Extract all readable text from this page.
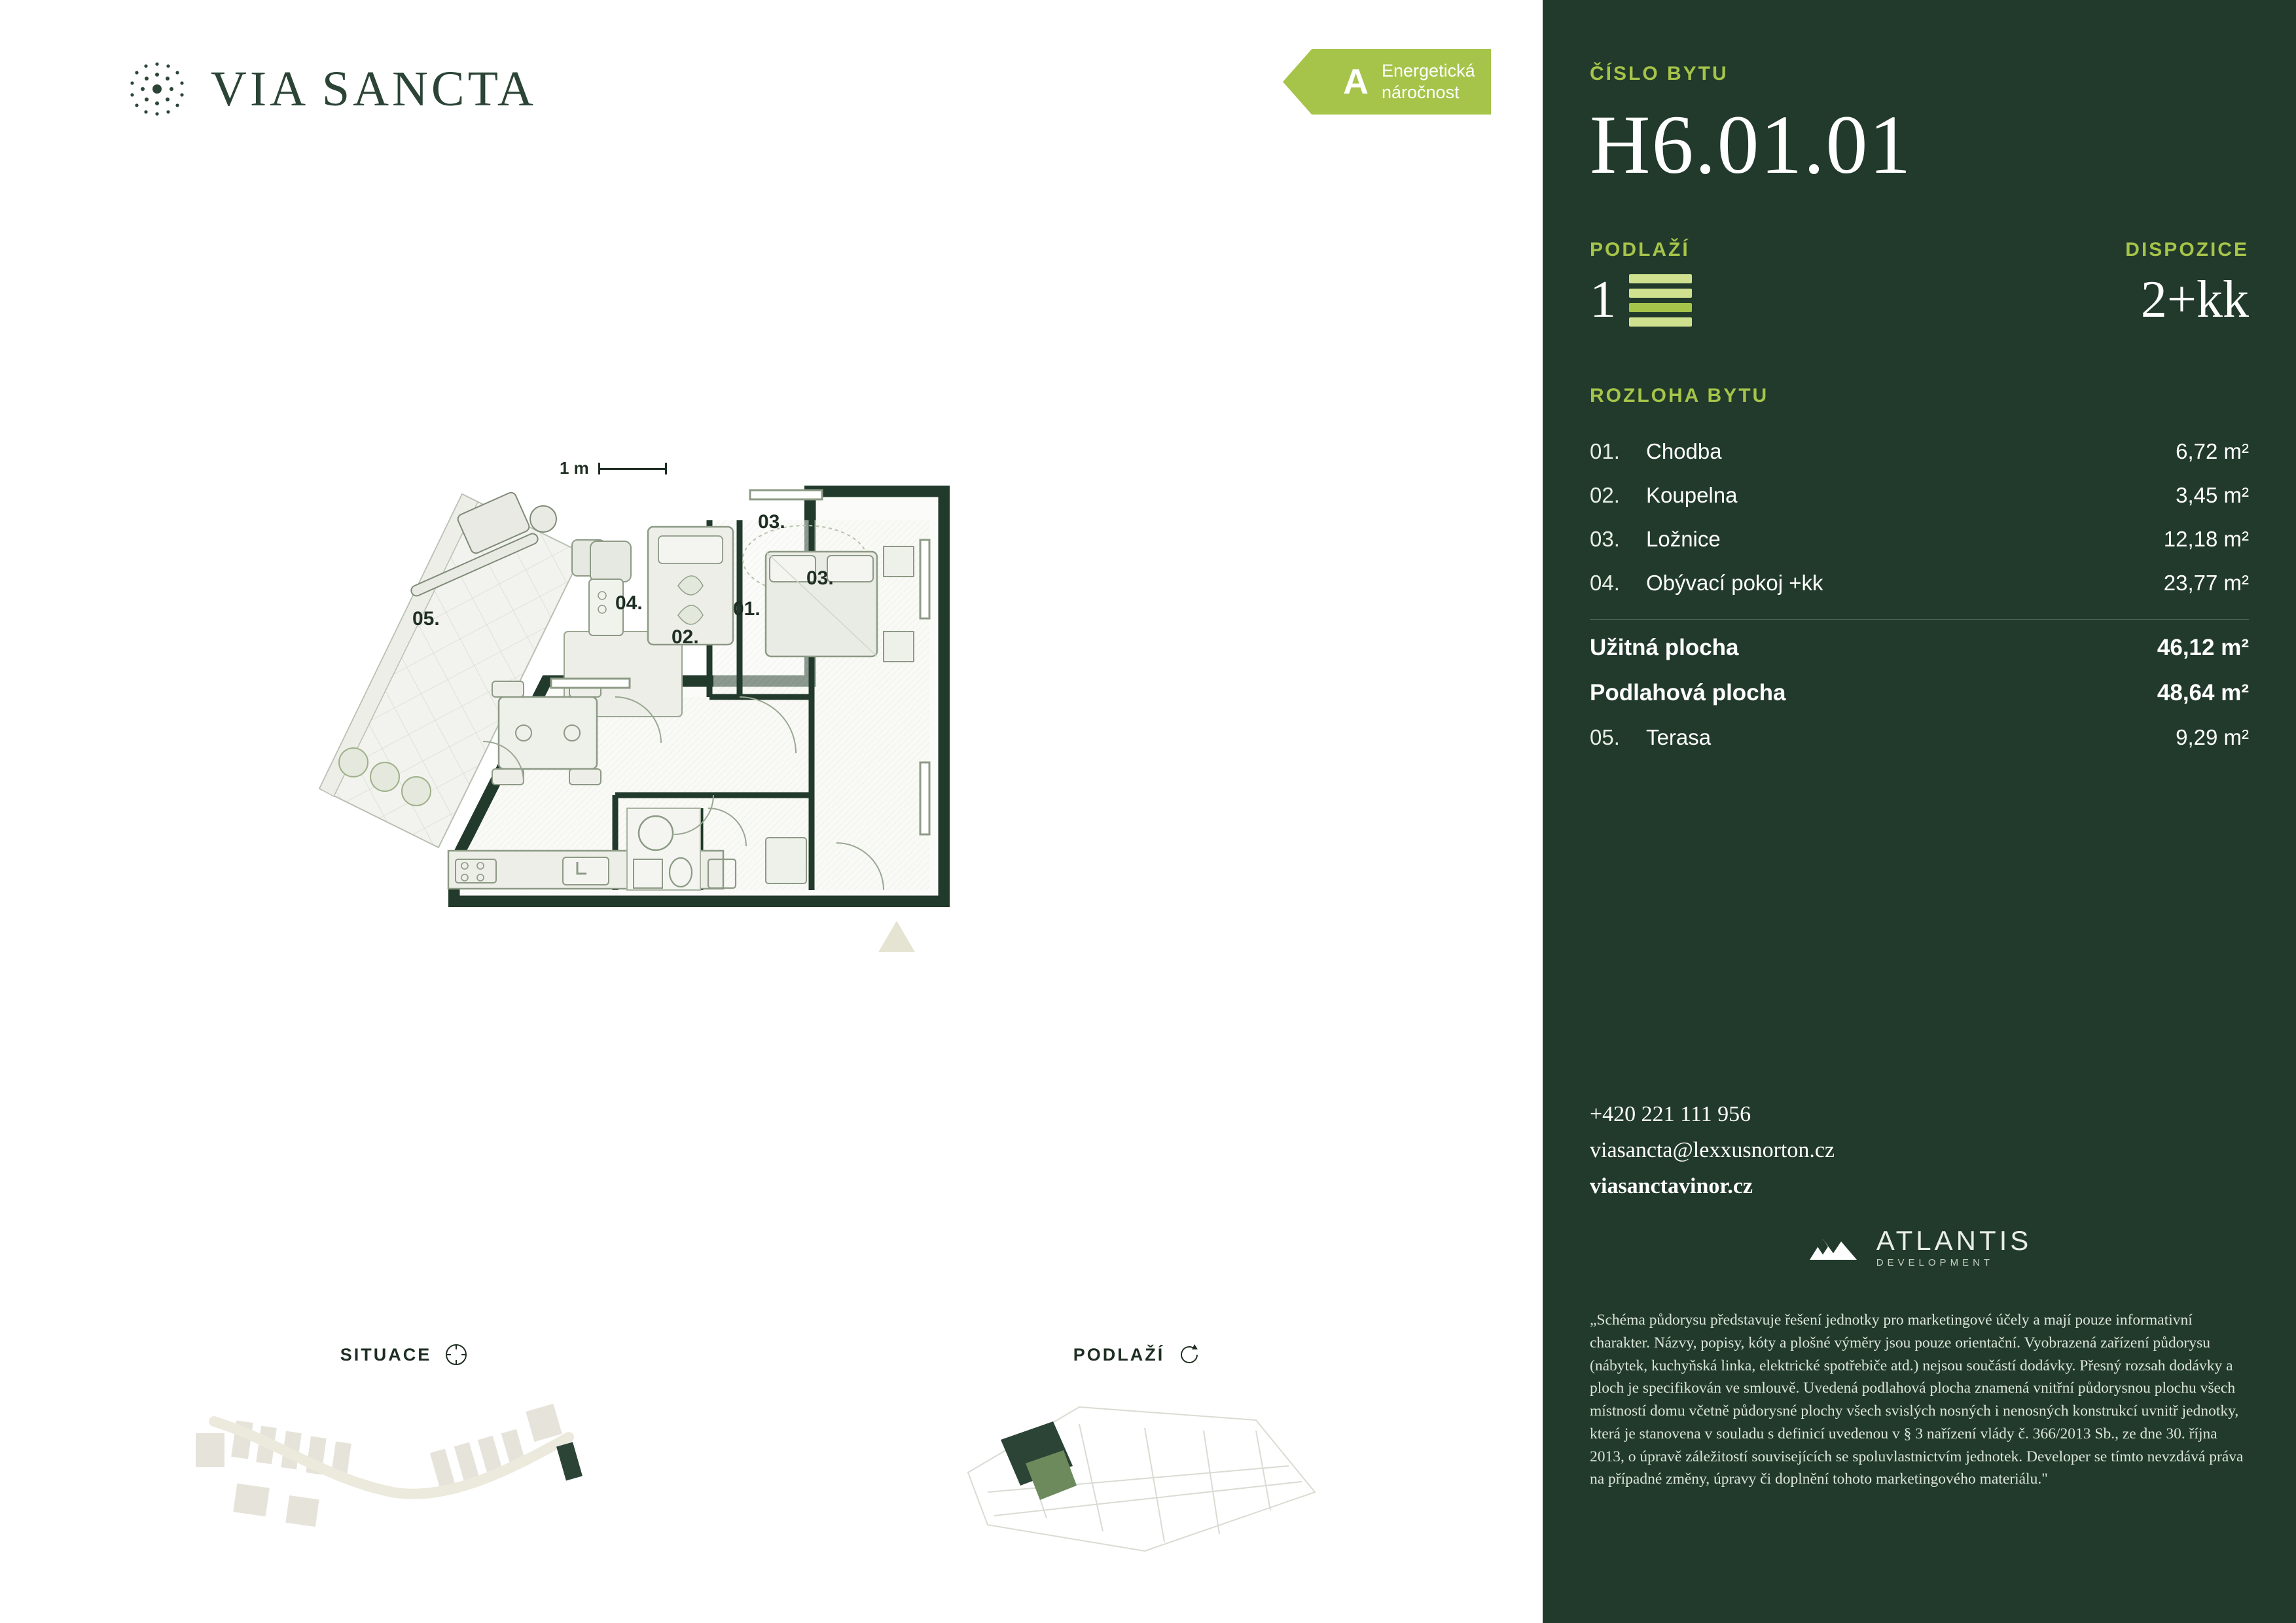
VIA SANCTA	A Energetická
náročnost
1 m
05.
03.
04.	01.
02.
03.
SITUACE	PODLAŽÍ
ČÍSLO BYTU
H6.01.01
PODLAŽÍ
1
DISPOZICE
2+kk
ROZLOHA BYTU
01.	Chodba	6,72 m²
02.	Koupelna	3,45 m²
03.	Ložnice	12,18 m²
04.	Obývací pokoj +kk	23,77 m²
Užitná plocha	46,12 m²
Podlahová plocha	48,64 m²
05.	Terasa	9,29 m²
+420 221 111 956
viasancta@lexxusnorton.cz
viasanctavinor.cz
ATLANTIS
DEVELOPMENT
„Schéma půdorysu představuje řešení jednotky pro marketingové účely a mají pouze informativní charakter. Názvy, popisy, kóty a plošné výměry jsou pouze orientační. Vyobrazená zařízení půdorysu (nábytek, kuchyňská linka, elektrické spotřebiče atd.) nejsou součástí dodávky. Přesný rozsah dodávky a ploch je specifikován ve smlouvě. Uvedená podlahová plocha znamená vnitřní půdorysnou plochu všech místností domu včetně půdorysné plochy všech svislých nosných i nenosných konstrukcí uvnitř jednotky, která je stanovena v souladu s definicí uvedenou v § 3 nařízení vlády č. 366/2013 Sb., ze dne 30. října 2013, o úpravě záležitostí souvisejících se spoluvlastnictvím jednotek. Developer se tímto nevzdává práva na případné změny, úpravy či doplnění tohoto marketingového materiálu."
